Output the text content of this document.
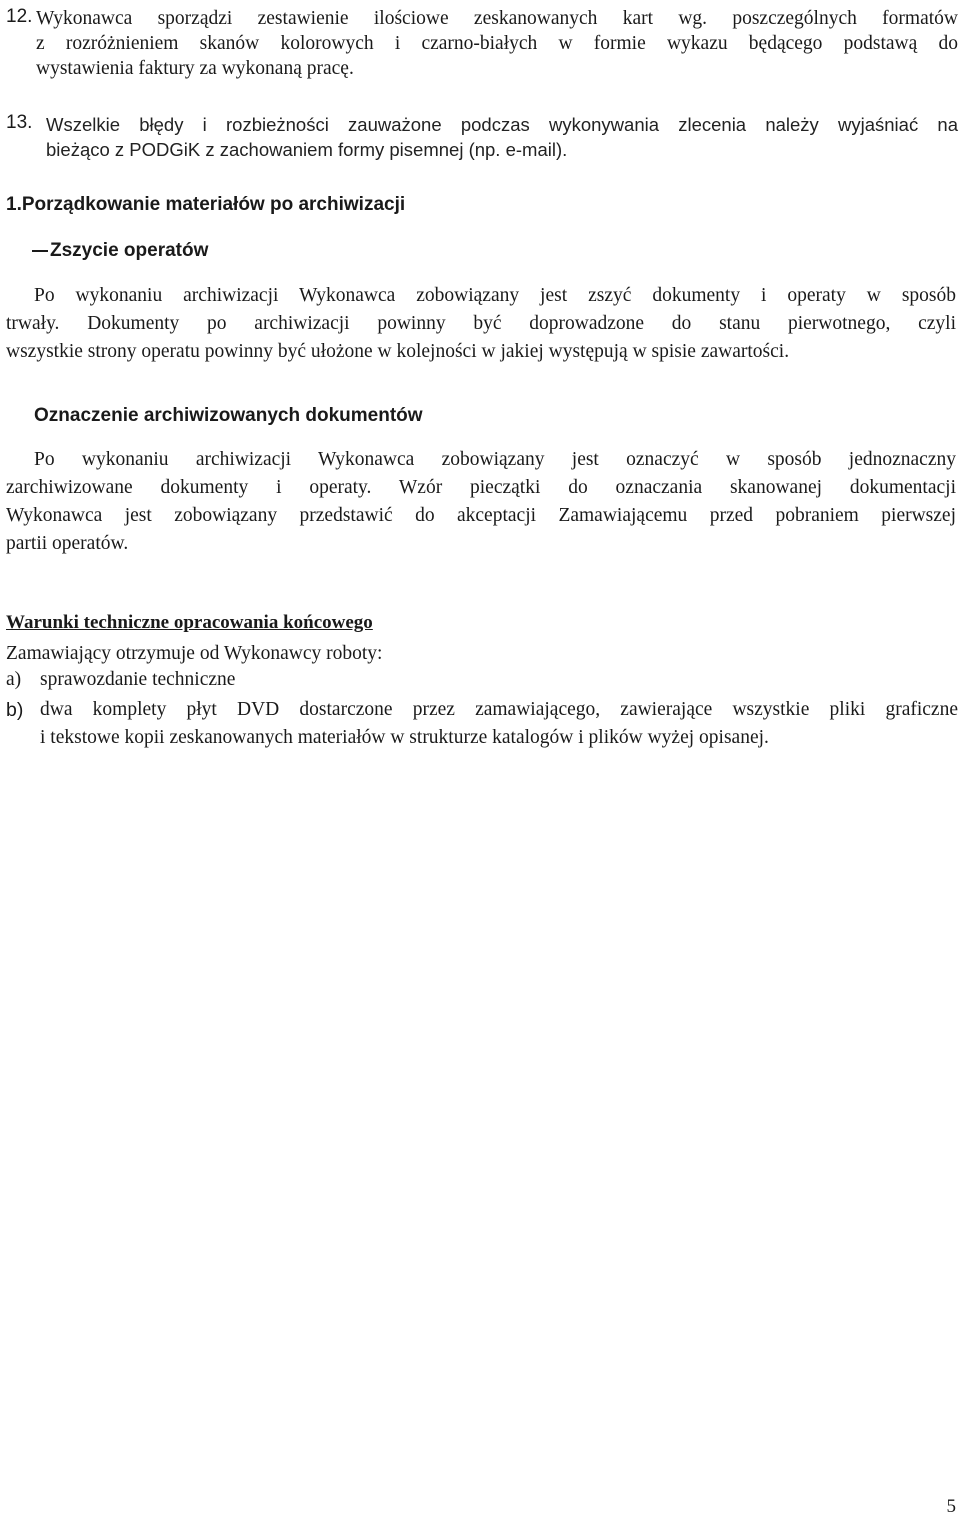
12. Wykonawca sporządzi zestawienie ilościowe zeskanowanych kart wg. poszczególnych formatów
z rozróżnieniem skanów kolorowych i czarno-białych w formie wykazu będącego podstawą do
wystawienia faktury za wykonaną pracę.
13. Wszelkie błędy i rozbieżności zauważone podczas wykonywania zlecenia należy wyjaśniać na
bieżąco z PODGiK z zachowaniem formy pisemnej (np. e-mail).
1.Porządkowanie materiałów po archiwizacji
Zszycie operatów
Po wykonaniu archiwizacji Wykonawca zobowiązany jest zszyć dokumenty i operaty w sposób
trwały. Dokumenty po archiwizacji powinny być doprowadzone do stanu pierwotnego, czyli
wszystkie strony operatu powinny być ułożone w kolejności w jakiej występują w spisie zawartości.
Oznaczenie archiwizowanych dokumentów
Po wykonaniu archiwizacji Wykonawca zobowiązany jest oznaczyć w sposób jednoznaczny
zarchiwizowane dokumenty i operaty. Wzór pieczątki do oznaczania skanowanej dokumentacji
Wykonawca jest zobowiązany przedstawić do akceptacji Zamawiającemu przed pobraniem pierwszej
partii operatów.
Warunki techniczne opracowania końcowego
Zamawiający otrzymuje od Wykonawcy roboty:
a) sprawozdanie techniczne
b) dwa komplety płyt DVD dostarczone przez zamawiającego, zawierające wszystkie pliki graficzne
i tekstowe kopii zeskanowanych materiałów w strukturze katalogów i plików wyżej opisanej.
5
